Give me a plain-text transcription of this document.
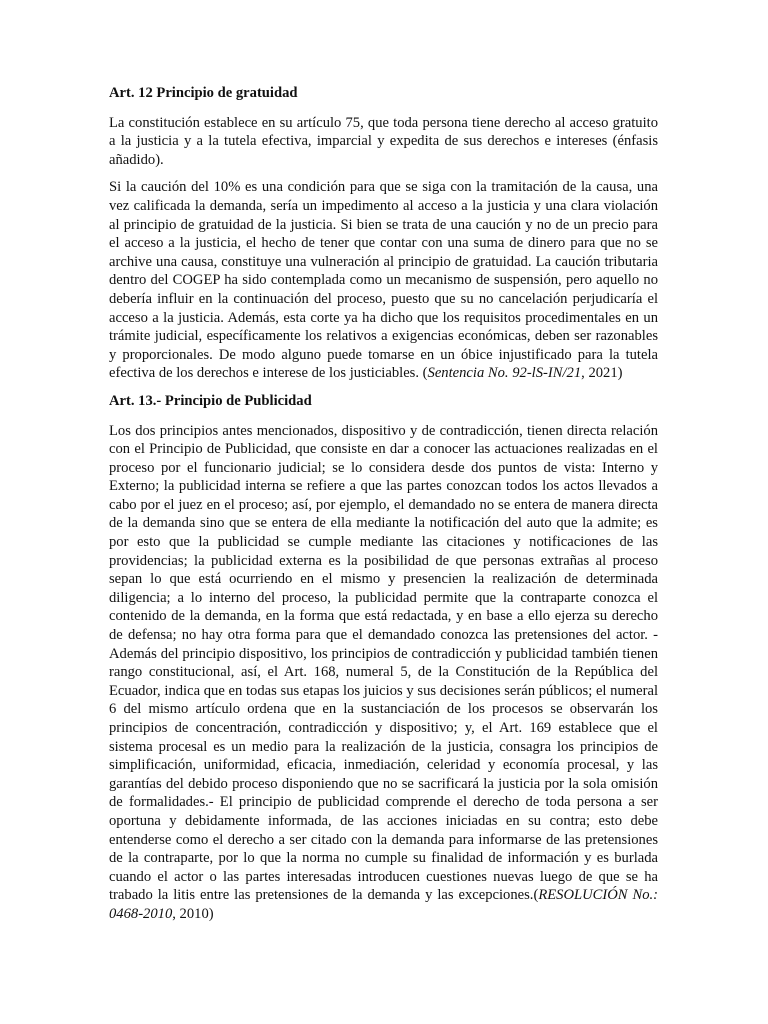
Art. 12 Principio de gratuidad

La constitución establece en su artículo 75, que toda persona tiene derecho al acceso gratuito a la justicia y a la tutela efectiva, imparcial y expedita de sus derechos e intereses (énfasis añadido).

Si la caución del 10% es una condición para que se siga con la tramitación de la causa, una vez calificada la demanda, sería un impedimento al acceso a la justicia y una clara violación al principio de gratuidad de la justicia. Si bien se trata de una caución y no de un precio para el acceso a la justicia, el hecho de tener que contar con una suma de dinero para que no se archive una causa, constituye una vulneración al principio de gratuidad. La caución tributaria dentro del COGEP ha sido contemplada como un mecanismo de suspensión, pero aquello no debería influir en la continuación del proceso, puesto que su no cancelación perjudicaría el acceso a la justicia. Además, esta corte ya ha dicho que los requisitos procedimentales en un trámite judicial, específicamente los relativos a exigencias económicas, deben ser razonables y proporcionales. De modo alguno puede tomarse en un óbice injustificado para la tutela efectiva de los derechos e interese de los justiciables. (Sentencia No. 92-lS-IN/21, 2021)

Art. 13.- Principio de Publicidad

Los dos principios antes mencionados, dispositivo y de contradicción, tienen directa relación con el Principio de Publicidad, que consiste en dar a conocer las actuaciones realizadas en el proceso por el funcionario judicial; se lo considera desde dos puntos de vista: Interno y Externo; la publicidad interna se refiere a que las partes conozcan todos los actos llevados a cabo por el juez en el proceso; así, por ejemplo, el demandado no se entera de manera directa de la demanda sino que se entera de ella mediante la notificación del auto que la admite; es por esto que la publicidad se cumple mediante las citaciones y notificaciones de las providencias; la publicidad externa es la posibilidad de que personas extrañas al proceso sepan lo que está ocurriendo en el mismo y presencien la realización de determinada diligencia; a lo interno del proceso, la publicidad permite que la contraparte conozca el contenido de la demanda, en la forma que está redactada, y en base a ello ejerza su derecho de defensa; no hay otra forma para que el demandado conozca las pretensiones del actor. - Además del principio dispositivo, los principios de contradicción y publicidad también tienen rango constitucional, así, el Art. 168, numeral 5, de la Constitución de la República del Ecuador, indica que en todas sus etapas los juicios y sus decisiones serán públicos; el numeral 6 del mismo artículo ordena que en la sustanciación de los procesos se observarán los principios de concentración, contradicción y dispositivo; y, el Art. 169 establece que el sistema procesal es un medio para la realización de la justicia, consagra los principios de simplificación, uniformidad, eficacia, inmediación, celeridad y economía procesal, y las garantías del debido proceso disponiendo que no se sacrificará la justicia por la sola omisión de formalidades.- El principio de publicidad comprende el derecho de toda persona a ser oportuna y debidamente informada, de las acciones iniciadas en su contra; esto debe entenderse como el derecho a ser citado con la demanda para informarse de las pretensiones de la contraparte, por lo que la norma no cumple su finalidad de información y es burlada cuando el actor o las partes interesadas introducen cuestiones nuevas luego de que se ha trabado la litis entre las pretensiones de la demanda y las excepciones.(RESOLUCIÓN No.: 0468-2010, 2010)
